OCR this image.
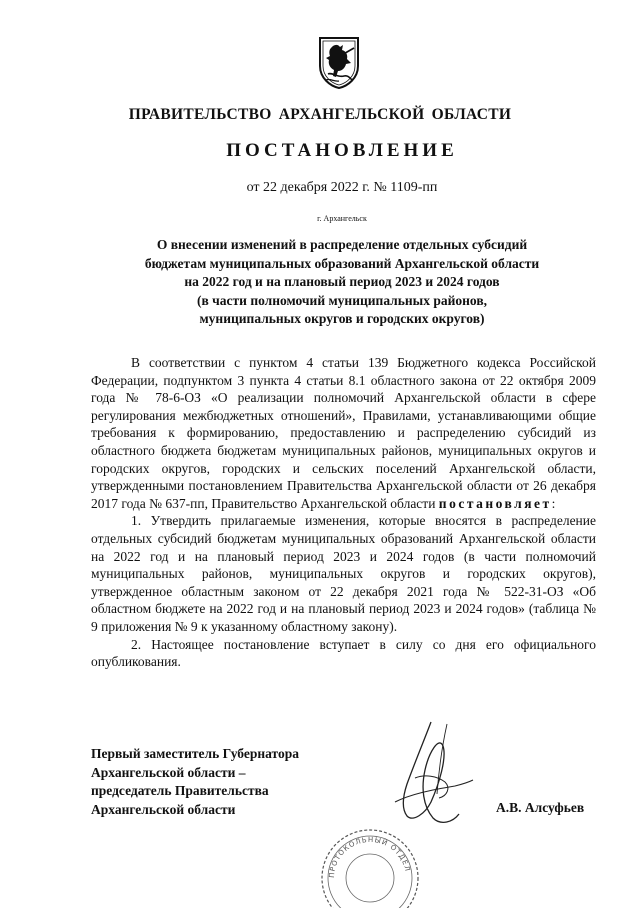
ПРАВИТЕЛЬСТВО АРХАНГЕЛЬСКОЙ ОБЛАСТИ
ПОСТАНОВЛЕНИЕ
от 22 декабря 2022 г. № 1109-пп
г. Архангельск
О внесении изменений в распределение отдельных субсидий
бюджетам муниципальных образований Архангельской области
на 2022 год и на плановый период 2023 и 2024 годов
(в части полномочий муниципальных районов,
муниципальных округов и городских округов)

В соответствии с пунктом 4 статьи 139 Бюджетного кодекса Российской Федерации, подпунктом 3 пункта 4 статьи 8.1 областного закона от 22 октября 2009 года № 78-6-ОЗ «О реализации полномочий Архангельской области в сфере регулирования межбюджетных отношений», Правилами, устанавливающими общие требования к формированию, предоставлению и распределению субсидий из областного бюджета бюджетам муниципальных районов, муниципальных округов и городских округов, городских и сельских поселений Архангельской области, утвержденными постановлением Правительства Архангельской области от 26 декабря 2017 года № 637-пп, Правительство Архангельской области постановляет:

1. Утвердить прилагаемые изменения, которые вносятся в распределение отдельных субсидий бюджетам муниципальных образований Архангельской области на 2022 год и на плановый период 2023 и 2024 годов (в части полномочий муниципальных районов, муниципальных округов и городских округов), утвержденное областным законом от 22 декабря 2021 года № 522-31-ОЗ «Об областном бюджете на 2022 год и на плановый период 2023 и 2024 годов» (таблица № 9 приложения № 9 к указанному областному закону).

2. Настоящее постановление вступает в силу со дня его официального опубликования.

Первый заместитель Губернатора
Архангельской области –
председатель Правительства
Архангельской области
ПРОТОКОЛЬНЫЙ ОТДЕЛ
А.В. Алсуфьев
